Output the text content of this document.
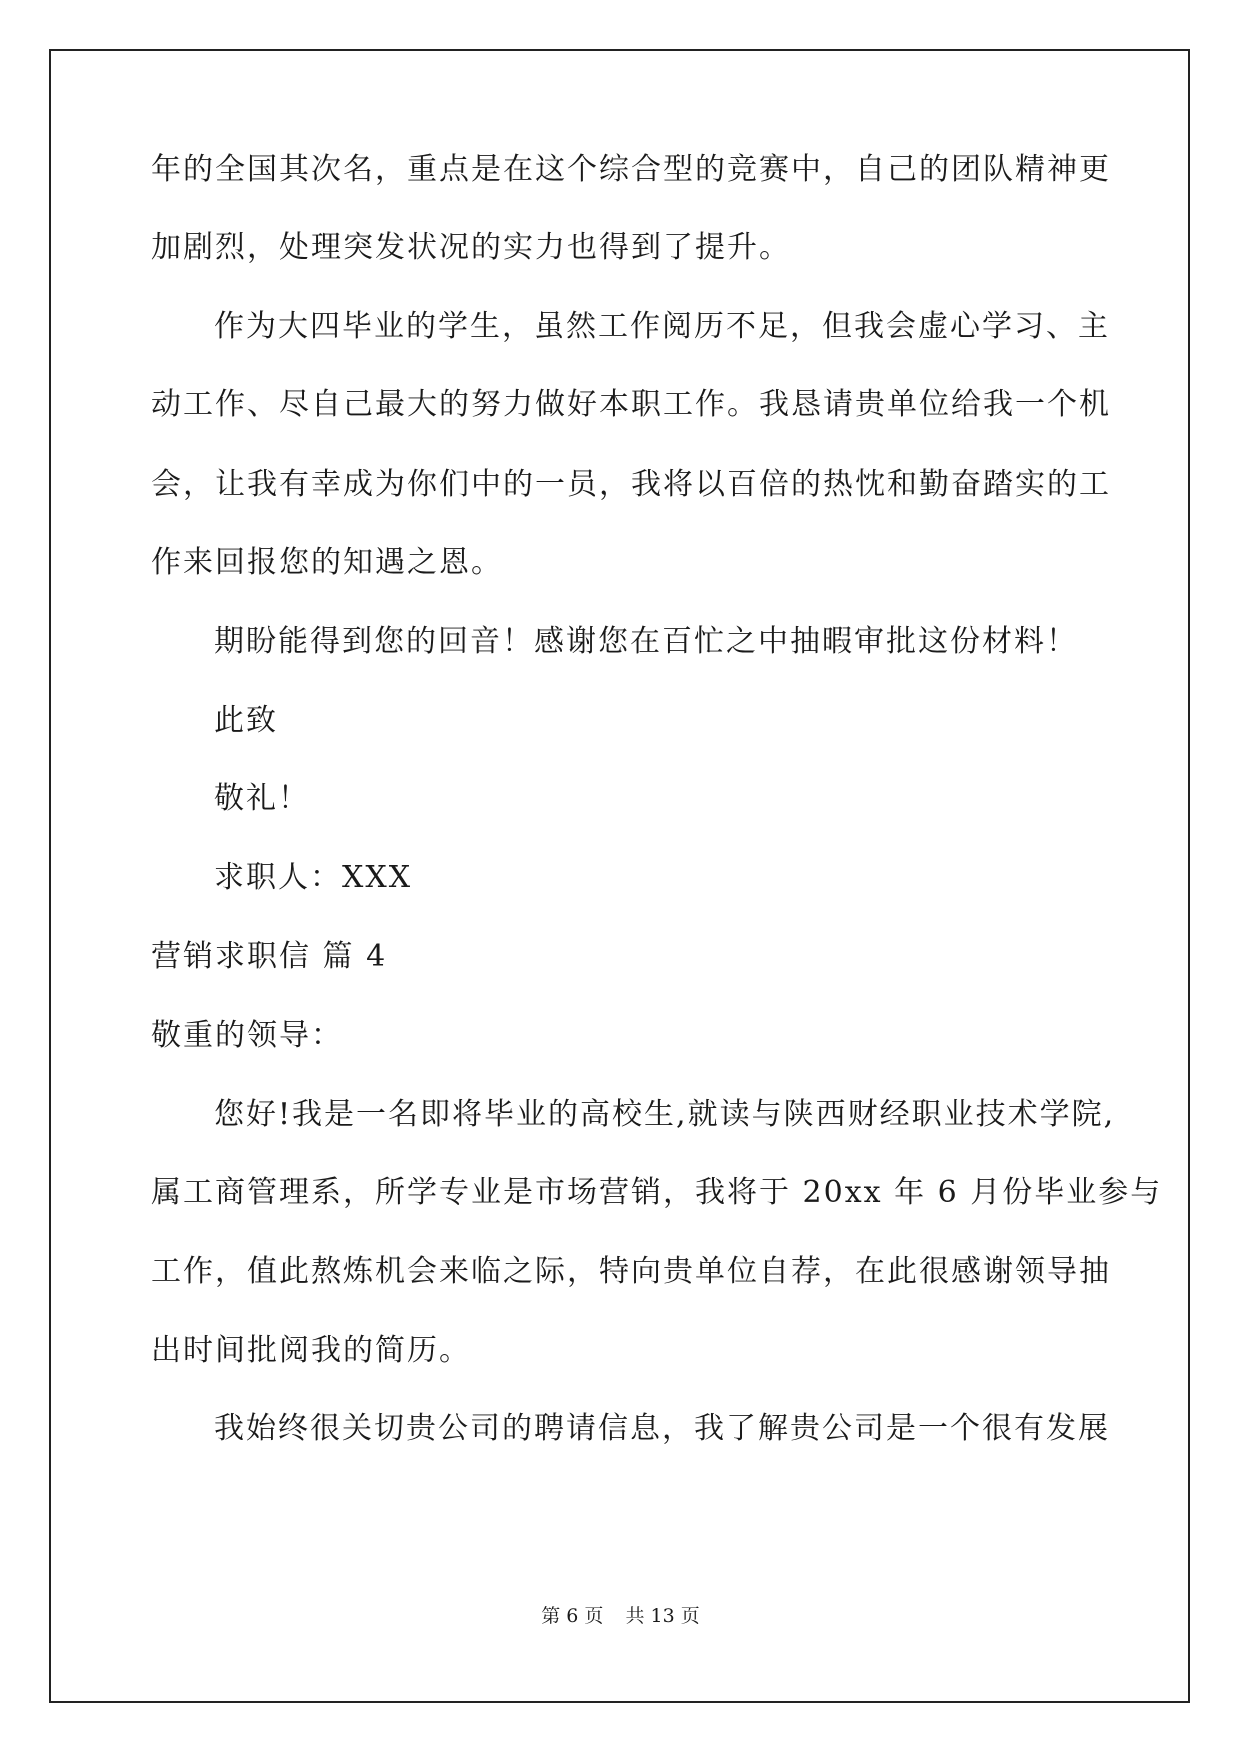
年的全国其次名，重点是在这个综合型的竞赛中，自己的团队精神更

加剧烈，处理突发状况的实力也得到了提升。

作为大四毕业的学生，虽然工作阅历不足，但我会虚心学习、主

动工作、尽自己最大的努力做好本职工作。我恳请贵单位给我一个机

会，让我有幸成为你们中的一员，我将以百倍的热忱和勤奋踏实的工

作来回报您的知遇之恩。

期盼能得到您的回音！感谢您在百忙之中抽暇审批这份材料！

此致

敬礼！

求职人：XXX

营销求职信 篇 4

敬重的领导：

您好!我是一名即将毕业的高校生,就读与陕西财经职业技术学院,

属工商管理系，所学专业是市场营销，我将于 20xx 年 6 月份毕业参与

工作，值此熬炼机会来临之际，特向贵单位自荐，在此很感谢领导抽

出时间批阅我的简历。

我始终很关切贵公司的聘请信息，我了解贵公司是一个很有发展

第 6 页 共 13 页
